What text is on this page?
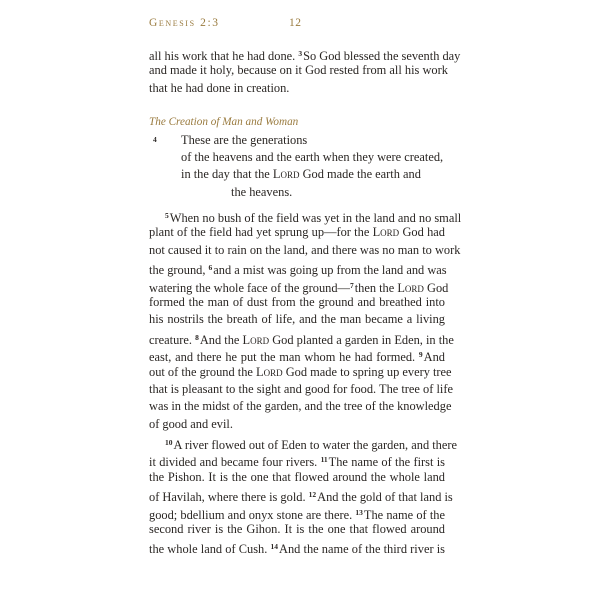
Genesis 2:3	12
all his work that he had done. $^3$So God blessed the seventh day
and made it holy, because on it God rested from all his work
that he had done in creation.
The Creation of Man and Woman
4	These are the generations
of the heavens and the earth when they were created,
in the day that the Lord God made the earth and
the heavens.
$^5$When no bush of the field was yet in the land and no small
plant of the field had yet sprung up—for the Lord God had
not caused it to rain on the land, and there was no man to work
the ground, $^6$and a mist was going up from the land and was
watering the whole face of the ground—$^7$then the Lord God
formed the man of dust from the ground and breathed into
his nostrils the breath of life, and the man became a living
creature. $^8$And the Lord God planted a garden in Eden, in the
east, and there he put the man whom he had formed. $^9$And
out of the ground the Lord God made to spring up every tree
that is pleasant to the sight and good for food. The tree of life
was in the midst of the garden, and the tree of the knowledge
of good and evil.
$^{10}$A river flowed out of Eden to water the garden, and there
it divided and became four rivers. $^{11}$The name of the first is
the Pishon. It is the one that flowed around the whole land
of Havilah, where there is gold. $^{12}$And the gold of that land is
good; bdellium and onyx stone are there. $^{13}$The name of the
second river is the Gihon. It is the one that flowed around
the whole land of Cush. $^{14}$And the name of the third river is
